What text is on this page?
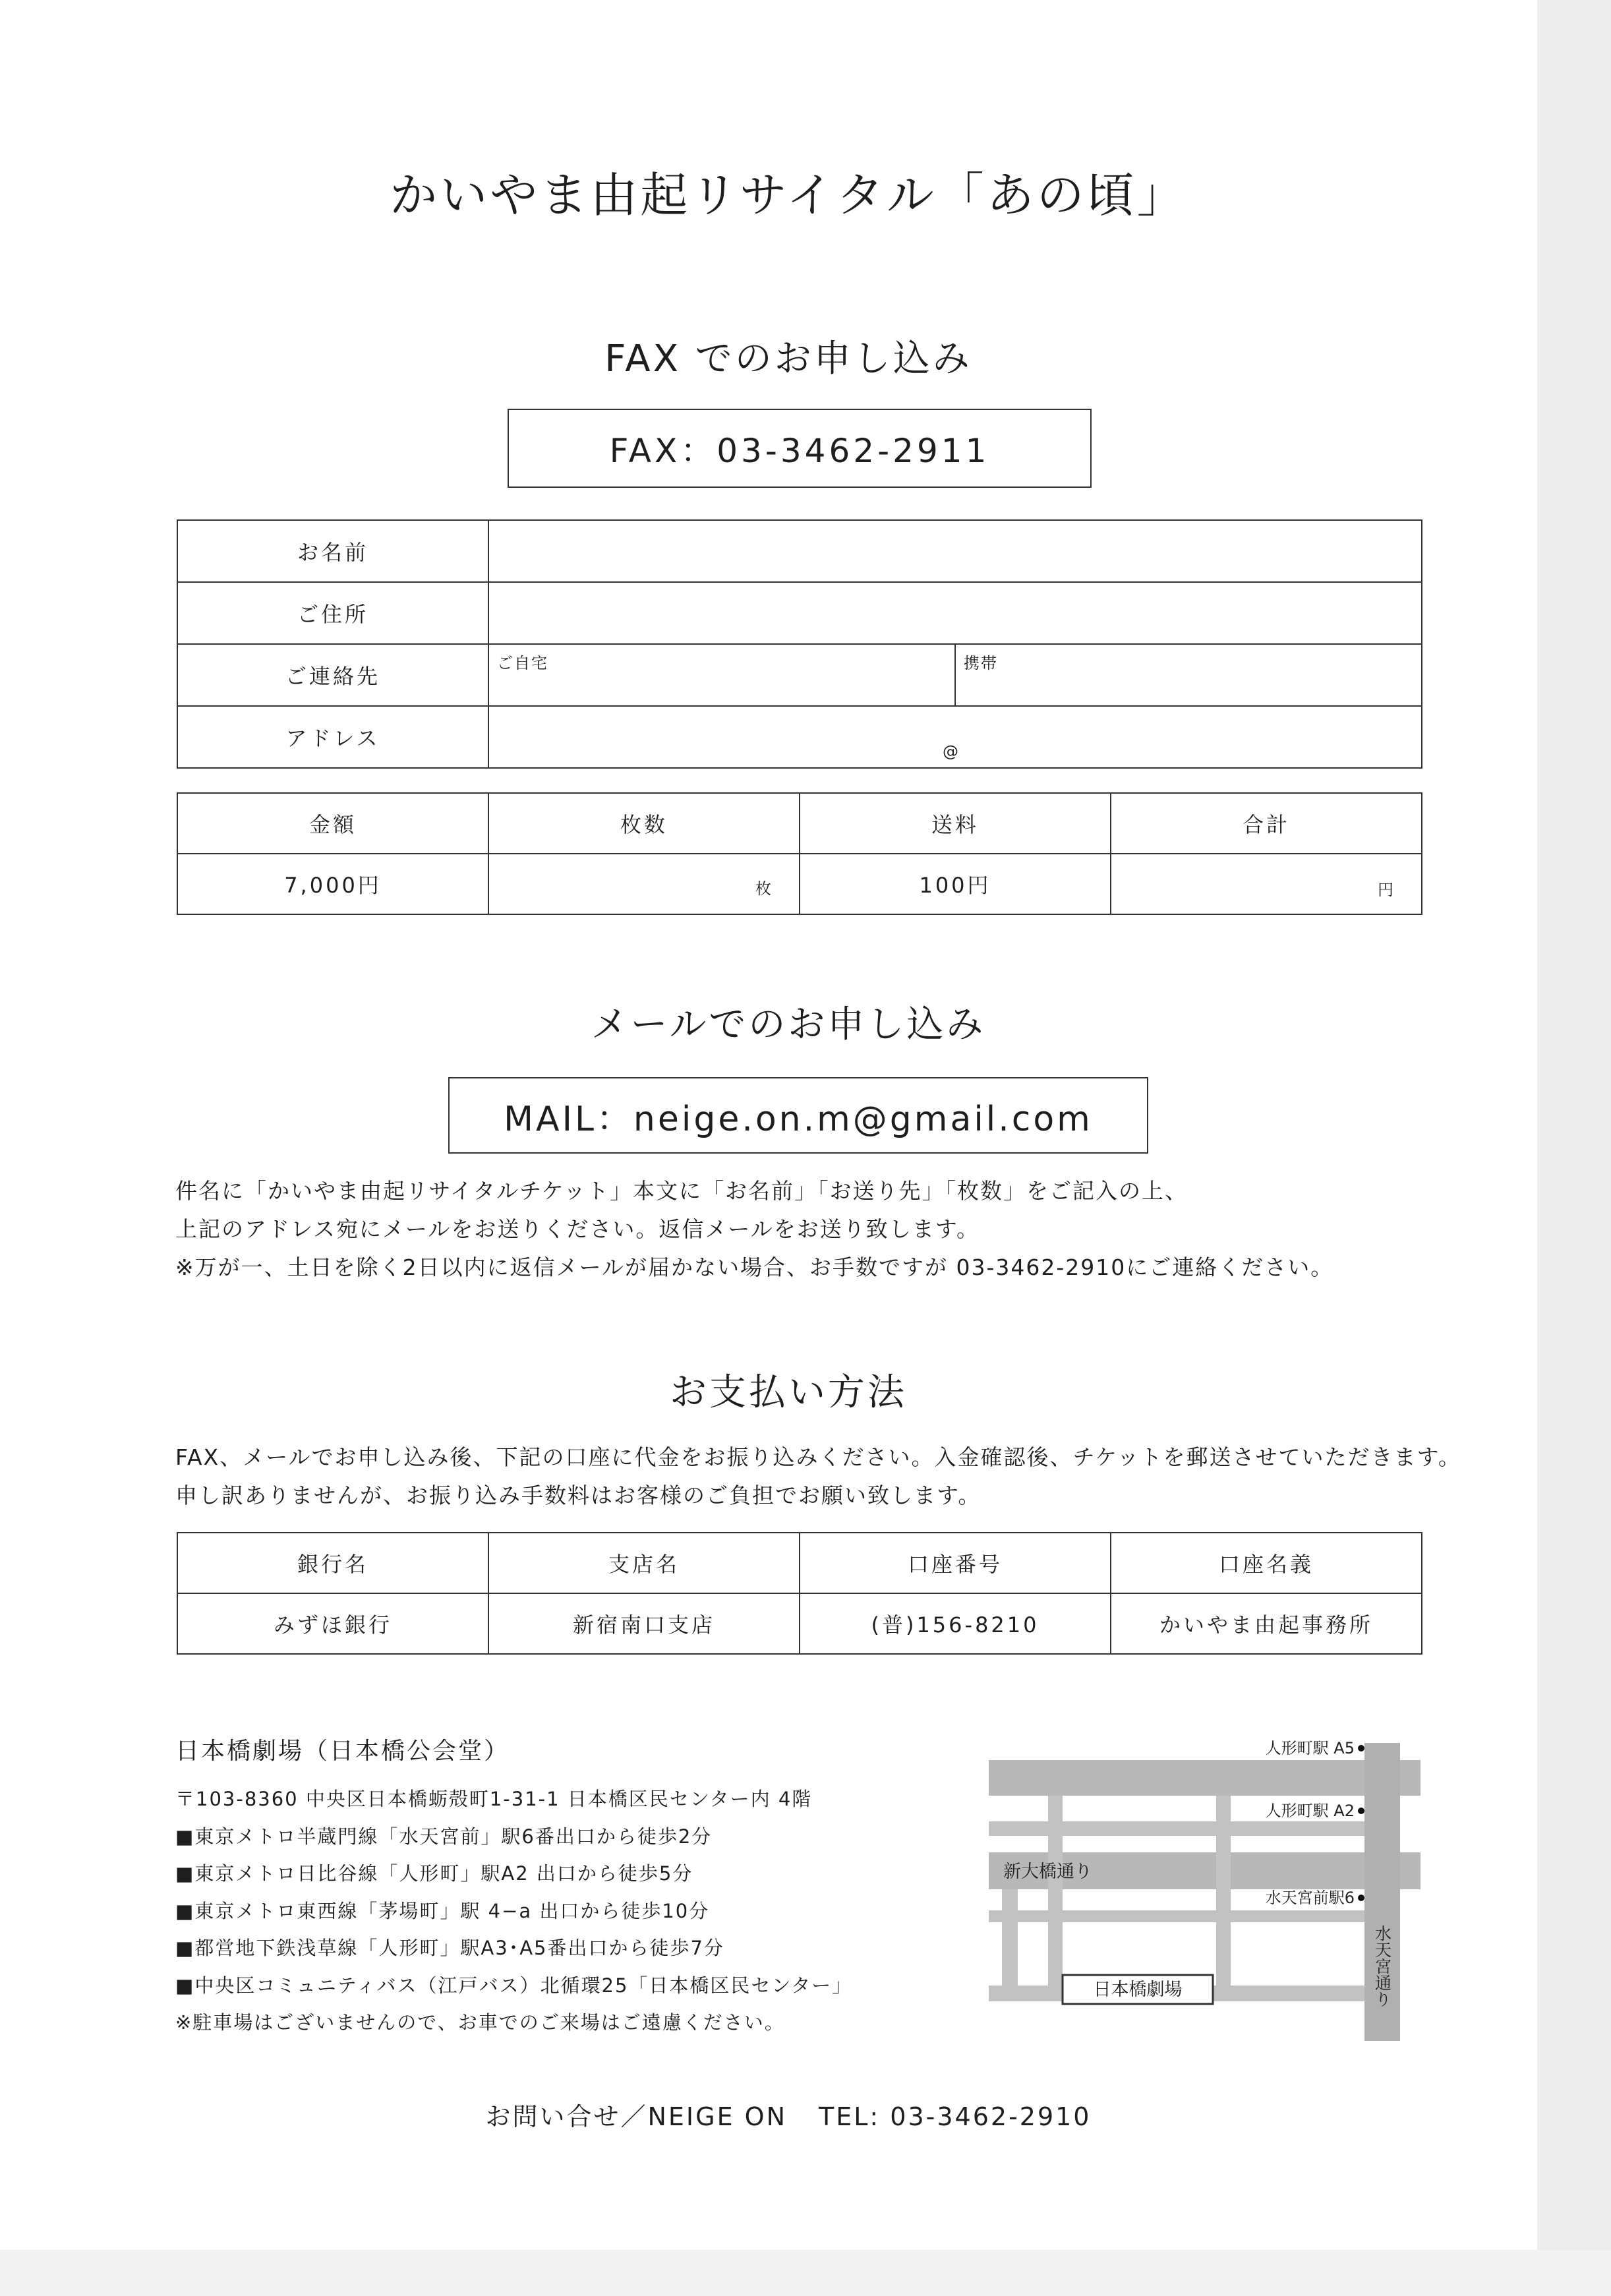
かいやま由起リサイタル「あの頃」
FAX でのお申し込み
FAX：03-3462-2911
お名前		
ご住所		
ご連絡先	ご自宅	携帯

アドレス	@	
金額	枚数	送料	合計
7,000円	枚	100円	円
メールでのお申し込み
MAIL：neige.on.m@gmail.com

件名に「かいやま由起リサイタルチケット」本文に「お名前」「お送り先」「枚数」をご記入の上、

上記のアドレス宛にメールをお送りください。返信メールをお送り致します。

※万が一、土日を除く2日以内に返信メールが届かない場合、お手数ですが 03-3462-2910にご連絡ください。

お支払い方法

FAX、メールでお申し込み後、下記の口座に代金をお振り込みください。入金確認後、チケットを郵送させていただきます。

申し訳ありませんが、お振り込み手数料はお客様のご負担でお願い致します。

銀行名	支店名	口座番号	口座名義
みずほ銀行	新宿南口支店	(普)156-8210	かいやま由起事務所
日本橋劇場（日本橋公会堂）
〒103-8360 中央区日本橋蛎殻町1-31-1 日本橋区民センター内 4階
■東京メトロ半蔵門線「水天宮前」駅6番出口から徒歩2分
■東京メトロ日比谷線「人形町」駅A2 出口から徒歩5分
■東京メトロ東西線「茅場町」駅 4−a 出口から徒歩10分
■都営地下鉄浅草線「人形町」駅A3･A5番出口から徒歩7分
■中央区コミュニティバス（江戸バス）北循環25「日本橋区民センター」
※駐車場はございませんので、お車でのご来場はご遠慮ください。
人形町駅 A5
人形町駅 A2
新大橋通り
水天宮前駅6
水天宮通り
日本橋劇場
お問い合せ／NEIGE ON TEL: 03-3462-2910
